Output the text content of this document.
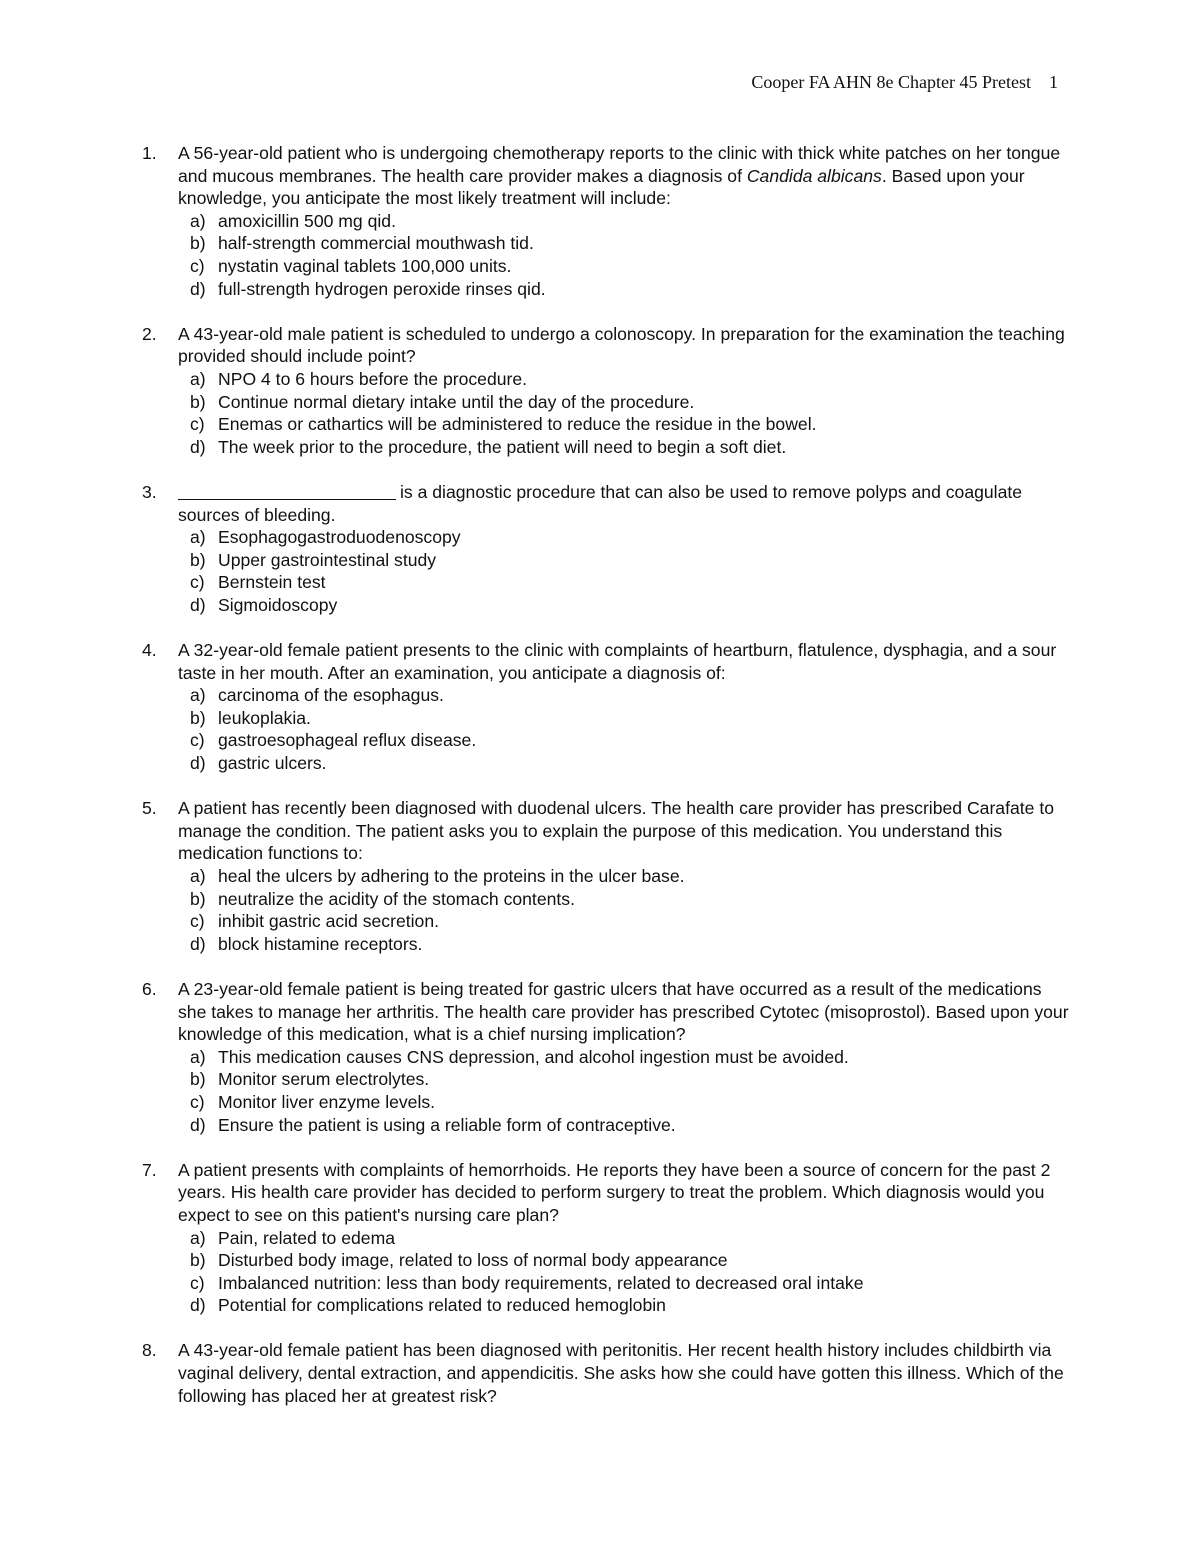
Cooper FA AHN 8e Chapter 45 Pretest 1
1.	A 56-year-old patient who is undergoing chemotherapy reports to the clinic with thick white patches on her tongue and mucous membranes. The health care provider makes a diagnosis of Candida albicans. Based upon your knowledge, you anticipate the most likely treatment will include:
a) amoxicillin 500 mg qid.
b) half-strength commercial mouthwash tid.
c) nystatin vaginal tablets 100,000 units.
d) full-strength hydrogen peroxide rinses qid.
2.	A 43-year-old male patient is scheduled to undergo a colonoscopy. In preparation for the examination the teaching provided should include point?
a) NPO 4 to 6 hours before the procedure.
b) Continue normal dietary intake until the day of the procedure.
c) Enemas or cathartics will be administered to reduce the residue in the bowel.
d) The week prior to the procedure, the patient will need to begin a soft diet.
3.	is a diagnostic procedure that can also be used to remove polyps and coagulate sources of bleeding.
a) Esophagogastroduodenoscopy
b) Upper gastrointestinal study
c) Bernstein test
d) Sigmoidoscopy
4.	A 32-year-old female patient presents to the clinic with complaints of heartburn, flatulence, dysphagia, and a sour taste in her mouth. After an examination, you anticipate a diagnosis of:
a) carcinoma of the esophagus.
b) leukoplakia.
c) gastroesophageal reflux disease.
d) gastric ulcers.
5.	A patient has recently been diagnosed with duodenal ulcers. The health care provider has prescribed Carafate to manage the condition. The patient asks you to explain the purpose of this medication. You understand this medication functions to:
a) heal the ulcers by adhering to the proteins in the ulcer base.
b) neutralize the acidity of the stomach contents.
c) inhibit gastric acid secretion.
d) block histamine receptors.
6.	A 23-year-old female patient is being treated for gastric ulcers that have occurred as a result of the medications she takes to manage her arthritis. The health care provider has prescribed Cytotec (misoprostol). Based upon your knowledge of this medication, what is a chief nursing implication?
a) This medication causes CNS depression, and alcohol ingestion must be avoided.
b) Monitor serum electrolytes.
c) Monitor liver enzyme levels.
d) Ensure the patient is using a reliable form of contraceptive.
7.	A patient presents with complaints of hemorrhoids. He reports they have been a source of concern for the past 2 years. His health care provider has decided to perform surgery to treat the problem. Which diagnosis would you expect to see on this patient's nursing care plan?
a) Pain, related to edema
b) Disturbed body image, related to loss of normal body appearance
c) Imbalanced nutrition: less than body requirements, related to decreased oral intake
d) Potential for complications related to reduced hemoglobin
8.	A 43-year-old female patient has been diagnosed with peritonitis. Her recent health history includes childbirth via vaginal delivery, dental extraction, and appendicitis. She asks how she could have gotten this illness. Which of the following has placed her at greatest risk?
